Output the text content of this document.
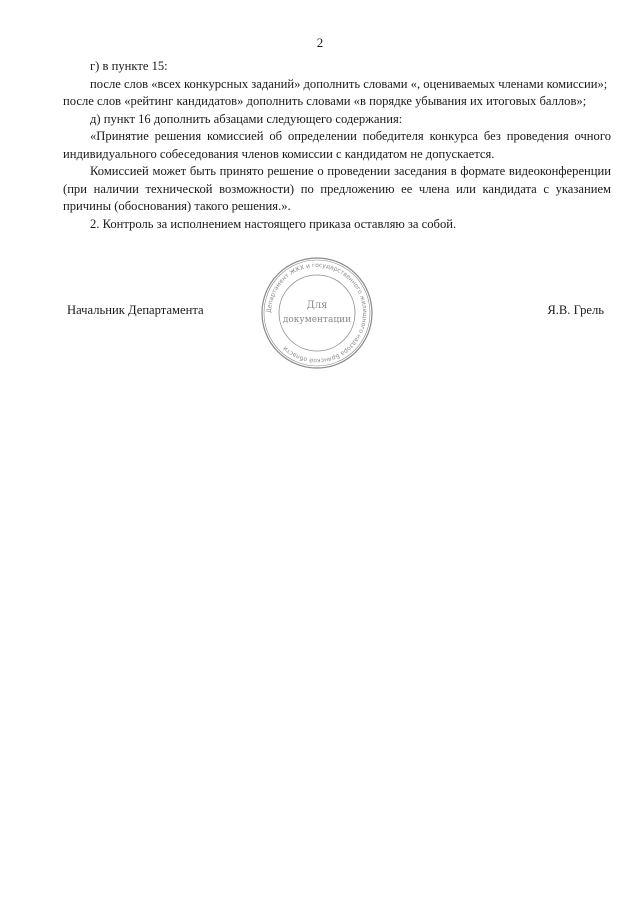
2

г) в пункте 15:

после слов «всех конкурсных заданий» дополнить словами «, оцениваемых членами комиссии»;

после слов «рейтинг кандидатов» дополнить словами «в порядке убывания их итоговых баллов»;

д) пункт 16 дополнить абзацами следующего содержания:

«Принятие решения комиссией об определении победителя конкурса без проведения очного индивидуального собеседования членов комиссии с кандидатом не допускается.

Комиссией может быть принято решение о проведении заседания в формате видеоконференции (при наличии технической возможности) по предложению ее члена или кандидата с указанием причины (обоснования) такого решения.».

2. Контроль за исполнением настоящего приказа оставляю за собой.

Начальник Департамента	Департамент ЖКХ и государственного жилищного надзора Брянской области
Для
документации
Я.В. Грель
